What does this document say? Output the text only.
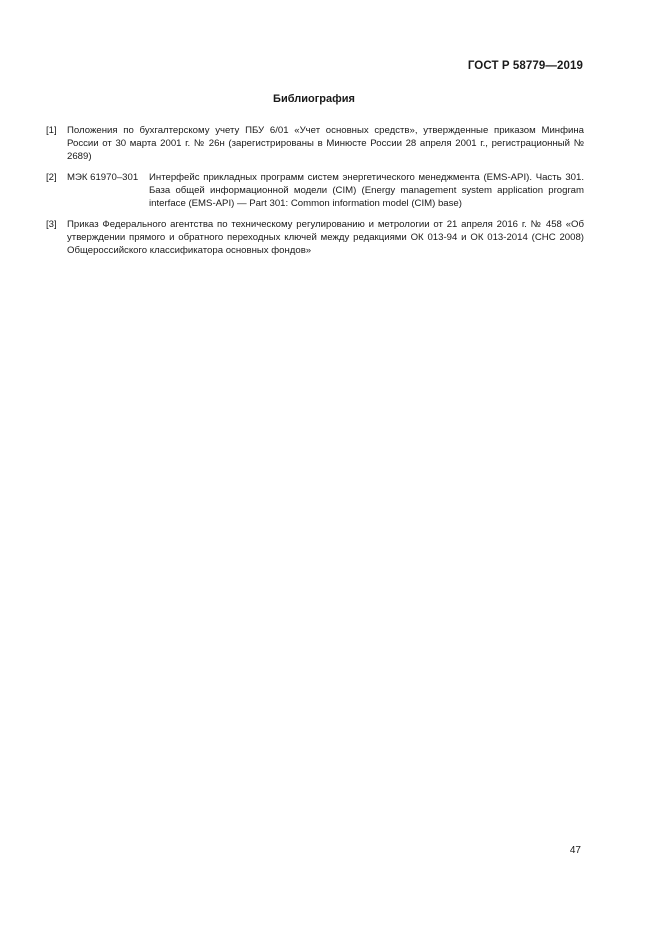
ГОСТ Р 58779—2019
Библиография
[1] Положения по бухгалтерскому учету ПБУ 6/01 «Учет основных средств», утвержденные приказом Минфина России от 30 марта 2001 г. № 26н (зарегистрированы в Минюсте России 28 апреля 2001 г., регистрационный № 2689)
[2] МЭК 61970–301 Интерфейс прикладных программ систем энергетического менеджмента (EMS-API). Часть 301. База общей информационной модели (CIM) (Energy management system application program interface (EMS-API) — Part 301: Common information model (CIM) base)
[3] Приказ Федерального агентства по техническому регулированию и метрологии от 21 апреля 2016 г. № 458 «Об утверждении прямого и обратного переходных ключей между редакциями ОК 013-94 и ОК 013-2014 (СНС 2008) Общероссийского классификатора основных фондов»
47
